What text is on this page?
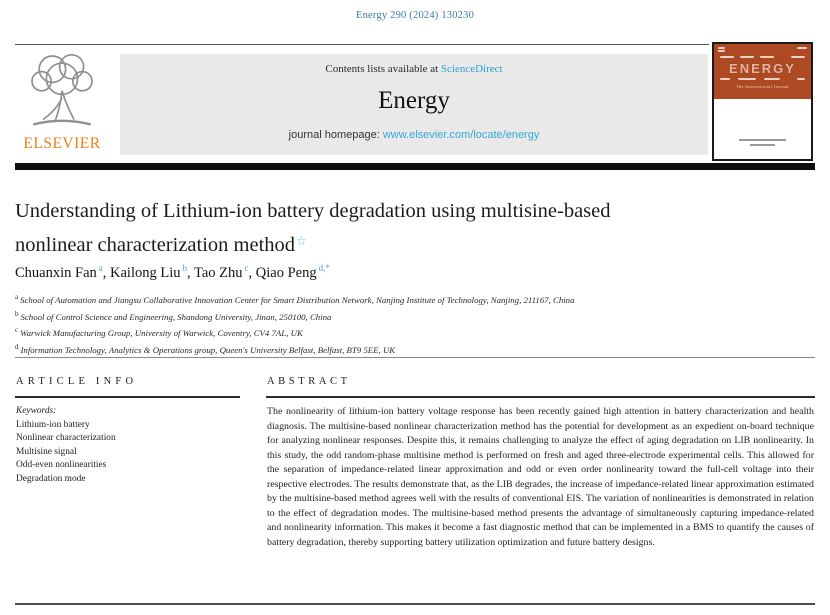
Energy 290 (2024) 130230
ELSEVIER
Contents lists available at ScienceDirect
Energy
journal homepage: www.elsevier.com/locate/energy
ENERGY
The International Journal
Understanding of Lithium-ion battery degradation using multisine-based
nonlinear characterization method☆
Chuanxin Fan $^a$, Kailong Liu $^b$, Tao Zhu $^c$, Qiao Peng $^{d,*}$
$^a$ School of Automation and Jiangsu Collaborative Innovation Center for Smart Distribution Network, Nanjing Institute of Technology, Nanjing, 211167, China
$^b$ School of Control Science and Engineering, Shandong University, Jinan, 250100, China
$^c$ Warwick Manufacturing Group, University of Warwick, Coventry, CV4 7AL, UK
$^d$ Information Technology, Analytics & Operations group, Queen's University Belfast, Belfast, BT9 5EE, UK
ARTICLE INFO
Keywords:
Lithium-ion battery
Nonlinear characterization
Multisine signal
Odd-even nonlinearities
Degradation mode
ABSTRACT
The nonlinearity of lithium-ion battery voltage response has been recently gained high attention in battery characterization and health diagnosis. The multisine-based nonlinear characterization method has the potential for development as an expedient on-board technique for analyzing nonlinear responses. Despite this, it remains challenging to analyze the effect of aging degradation on LIB nonlinearity. In this study, the odd random-phase multisine method is performed on fresh and aged three-electrode experimental cells. This allowed for the separation of impedance-related linear approximation and odd or even order nonlinearity toward the full-cell voltage into their respective electrodes. The results demonstrate that, as the LIB degrades, the increase of impedance-related linear approximation estimated by the multisine-based method agrees well with the results of conventional EIS. The variation of nonlinearities is demonstrated in relation to the effect of degradation modes. The multisine-based method presents the advantage of simultaneously capturing impedance-related and nonlinearity information. This makes it become a fast diagnostic method that can be implemented in a BMS to quantify the causes of battery degradation, thereby supporting battery utilization optimization and future battery designs.
